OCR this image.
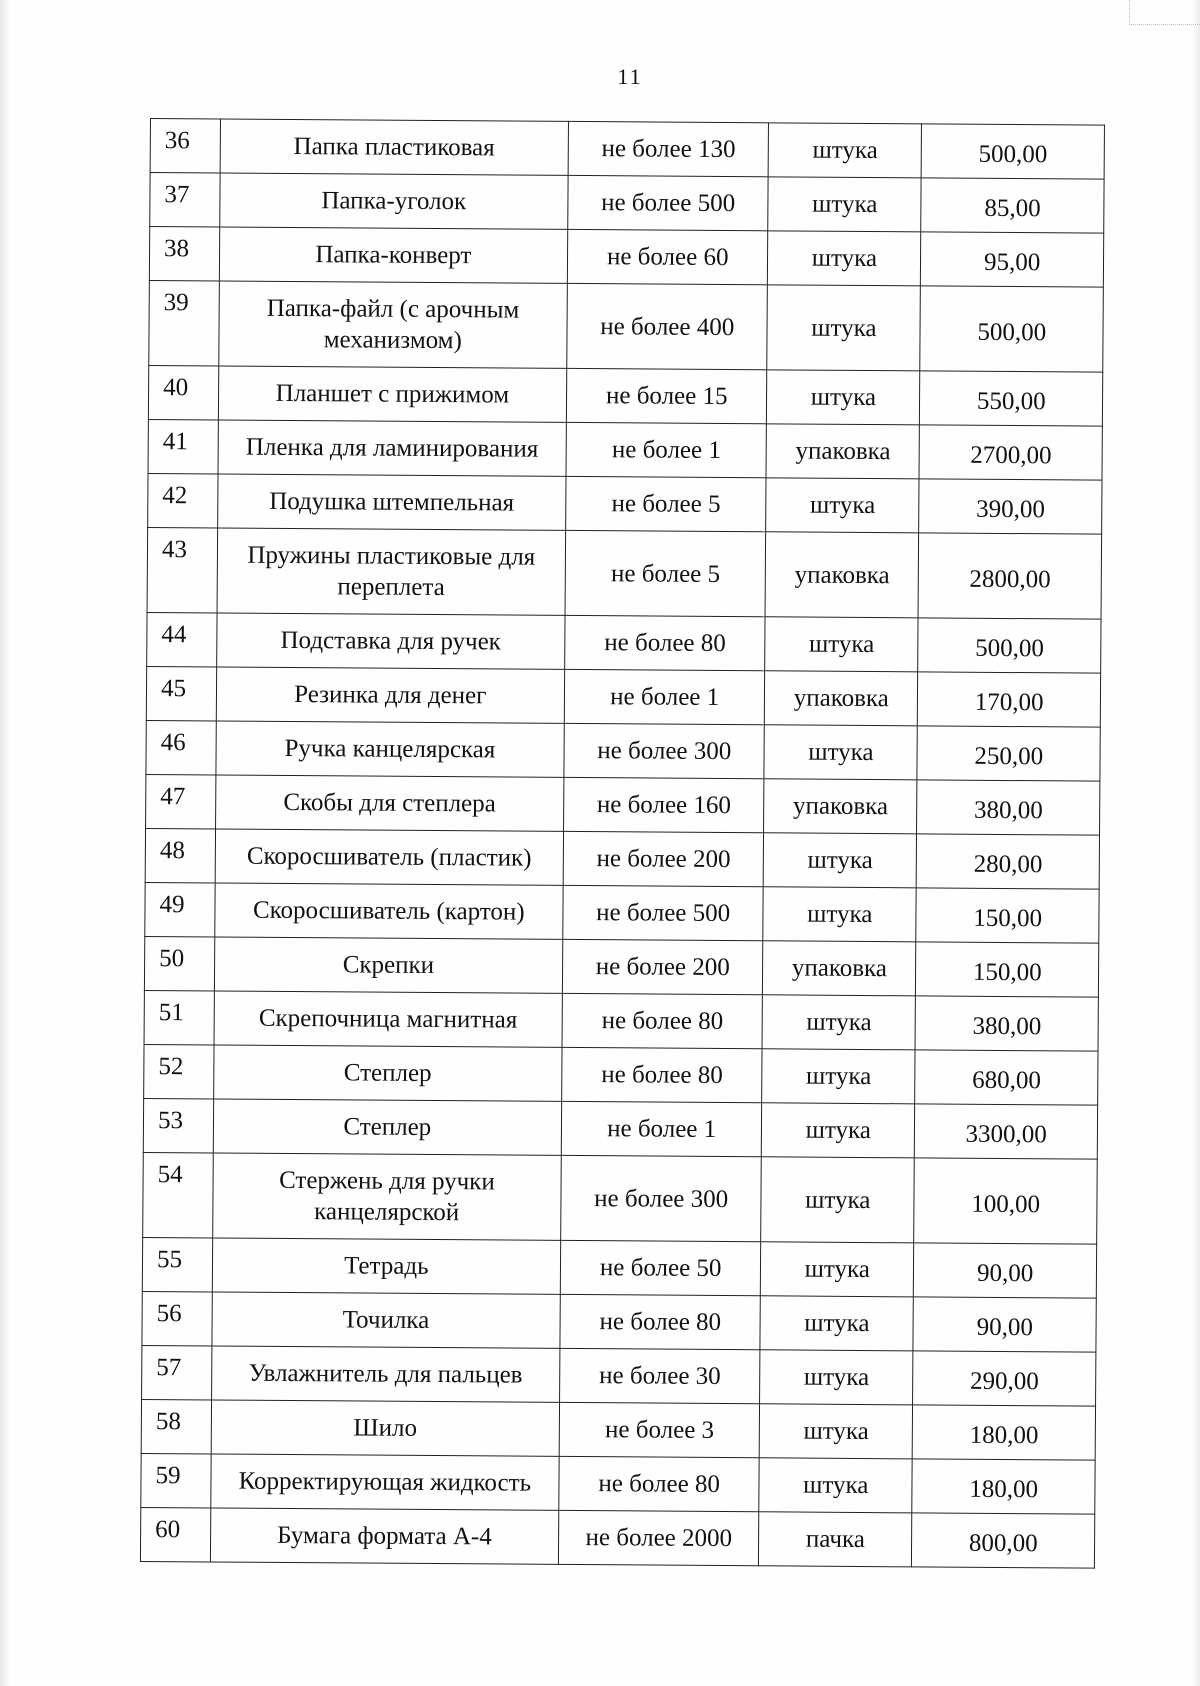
11
36	Папка пластиковая	не более 130	штука	500,00
37	Папка-уголок	не более 500	штука	85,00
38	Папка-конверт	не более 60	штука	95,00
39	Папка-файл (с арочным механизмом)	не более 400	штука	500,00
40	Планшет с прижимом	не более 15	штука	550,00
41	Пленка для ламинирования	не более 1	упаковка	2700,00
42	Подушка штемпельная	не более 5	штука	390,00
43	Пружины пластиковые для переплета	не более 5	упаковка	2800,00
44	Подставка для ручек	не более 80	штука	500,00
45	Резинка для денег	не более 1	упаковка	170,00
46	Ручка канцелярская	не более 300	штука	250,00
47	Скобы для степлера	не более 160	упаковка	380,00
48	Скоросшиватель (пластик)	не более 200	штука	280,00
49	Скоросшиватель (картон)	не более 500	штука	150,00
50	Скрепки	не более 200	упаковка	150,00
51	Скрепочница магнитная	не более 80	штука	380,00
52	Степлер	не более 80	штука	680,00
53	Степлер	не более 1	штука	3300,00
54	Стержень для ручки канцелярской	не более 300	штука	100,00
55	Тетрадь	не более 50	штука	90,00
56	Точилка	не более 80	штука	90,00
57	Увлажнитель для пальцев	не более 30	штука	290,00
58	Шило	не более 3	штука	180,00
59	Корректирующая жидкость	не более 80	штука	180,00
60	Бумага формата А-4	не более 2000	пачка	800,00
